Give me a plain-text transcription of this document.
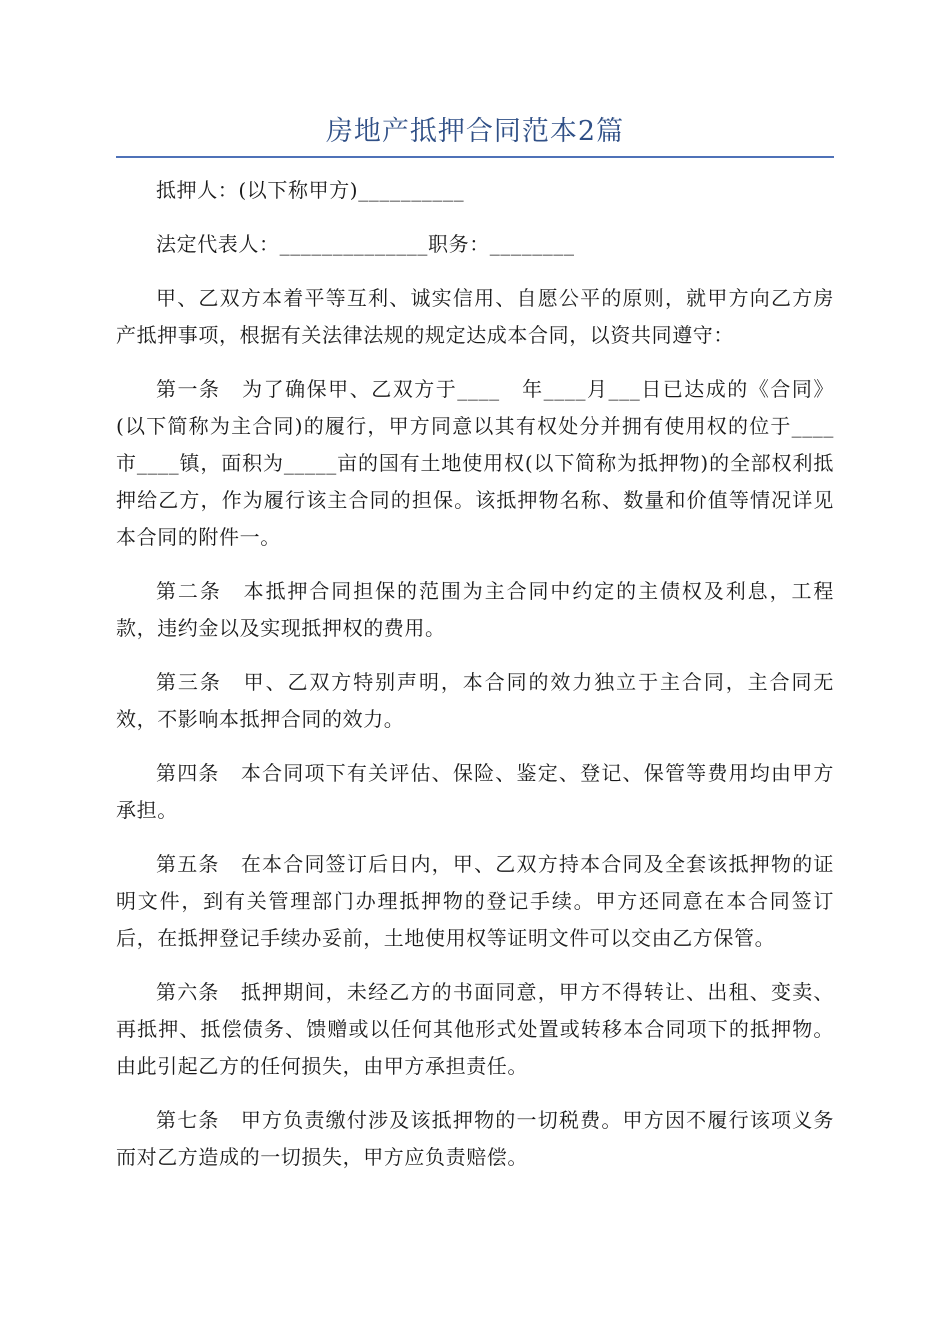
房地产抵押合同范本2篇

抵押人：(以下称甲方)__________

法定代表人：______________职务：________

甲、乙双方本着平等互利、诚实信用、自愿公平的原则，就甲方向乙方房产抵押事项，根据有关法律法规的规定达成本合同，以资共同遵守：

第一条　为了确保甲、乙双方于____　年____月___日已达成的《合同》(以下简称为主合同)的履行，甲方同意以其有权处分并拥有使用权的位于____市____镇，面积为_____亩的国有土地使用权(以下简称为抵押物)的全部权利抵押给乙方，作为履行该主合同的担保。该抵押物名称、数量和价值等情况详见本合同的附件一。

第二条　本抵押合同担保的范围为主合同中约定的主债权及利息，工程款，违约金以及实现抵押权的费用。

第三条　甲、乙双方特别声明，本合同的效力独立于主合同，主合同无效，不影响本抵押合同的效力。

第四条　本合同项下有关评估、保险、鉴定、登记、保管等费用均由甲方承担。

第五条　在本合同签订后日内，甲、乙双方持本合同及全套该抵押物的证明文件，到有关管理部门办理抵押物的登记手续。甲方还同意在本合同签订后，在抵押登记手续办妥前，土地使用权等证明文件可以交由乙方保管。

第六条　抵押期间，未经乙方的书面同意，甲方不得转让、出租、变卖、再抵押、抵偿债务、馈赠或以任何其他形式处置或转移本合同项下的抵押物。由此引起乙方的任何损失，由甲方承担责任。

第七条　甲方负责缴付涉及该抵押物的一切税费。甲方因不履行该项义务而对乙方造成的一切损失，甲方应负责赔偿。
